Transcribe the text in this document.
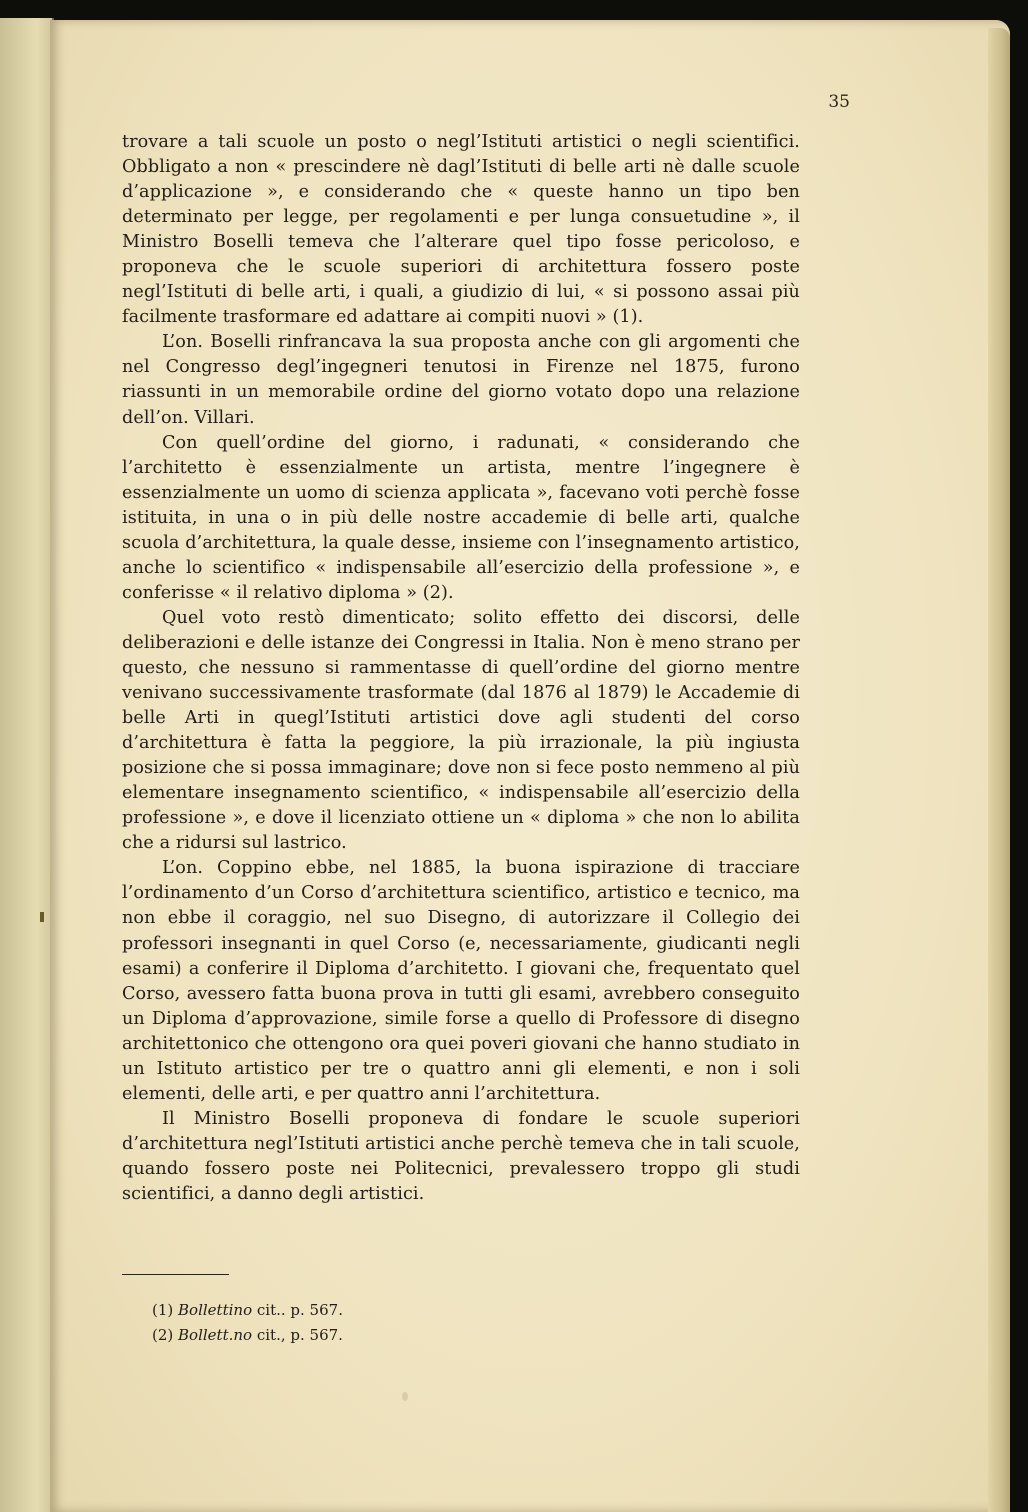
35

trovare a tali scuole un posto o negl’Istituti artistici o negli scientifici. Obbligato a non « prescindere nè dagl’Istituti di belle arti nè dalle scuole d’applicazione », e considerando che « queste hanno un tipo ben determinato per legge, per regolamenti e per lunga consuetudine », il Ministro Boselli temeva che l’alterare quel tipo fosse pericoloso, e proponeva che le scuole superiori di architettura fossero poste negl’Istituti di belle arti, i quali, a giudizio di lui, « si possono assai più facilmente trasformare ed adattare ai compiti nuovi » (1).

L’on. Boselli rinfrancava la sua proposta anche con gli argomenti che nel Congresso degl’ingegneri tenutosi in Firenze nel 1875, furono riassunti in un memorabile ordine del giorno votato dopo una relazione dell’on. Villari.

Con quell’ordine del giorno, i radunati, « considerando che l’architetto è essenzialmente un artista, mentre l’ingegnere è essenzialmente un uomo di scienza applicata », facevano voti perchè fosse istituita, in una o in più delle nostre accademie di belle arti, qualche scuola d’architettura, la quale desse, insieme con l’insegnamento artistico, anche lo scientifico « indispensabile all’esercizio della professione », e conferisse « il relativo diploma » (2).

Quel voto restò dimenticato; solito effetto dei discorsi, delle deliberazioni e delle istanze dei Congressi in Italia. Non è meno strano per questo, che nessuno si rammentasse di quell’ordine del giorno mentre venivano successivamente trasformate (dal 1876 al 1879) le Accademie di belle Arti in quegl’Istituti artistici dove agli studenti del corso d’architettura è fatta la peggiore, la più irrazionale, la più ingiusta posizione che si possa immaginare; dove non si fece posto nemmeno al più elementare insegnamento scientifico, « indispensabile all’esercizio della professione », e dove il licenziato ottiene un « diploma » che non lo abilita che a ridursi sul lastrico.

L’on. Coppino ebbe, nel 1885, la buona ispirazione di tracciare l’ordinamento d’un Corso d’architettura scientifico, artistico e tecnico, ma non ebbe il coraggio, nel suo Disegno, di autorizzare il Collegio dei professori insegnanti in quel Corso (e, necessariamente, giudicanti negli esami) a conferire il Diploma d’architetto. I giovani che, frequentato quel Corso, avessero fatta buona prova in tutti gli esami, avrebbero conseguito un Diploma d’approvazione, simile forse a quello di Professore di disegno architettonico che ottengono ora quei poveri giovani che hanno studiato in un Istituto artistico per tre o quattro anni gli elementi, e non i soli elementi, delle arti, e per quattro anni l’architettura.

Il Ministro Boselli proponeva di fondare le scuole superiori d’architettura negl’Istituti artistici anche perchè temeva che in tali scuole, quando fossero poste nei Politecnici, prevalessero troppo gli studi scientifici, a danno degli artistici.

(1) Bollettino cit.. p. 567.

(2) Bollett.no cit., p. 567.
